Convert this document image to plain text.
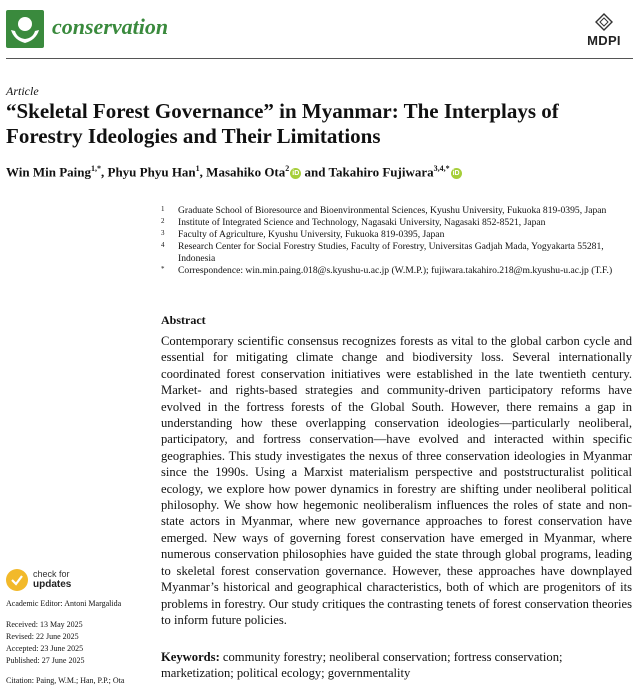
conservation
MDPI
Article
“Skeletal Forest Governance” in Myanmar: The Interplays of Forestry Ideologies and Their Limitations
Win Min Paing$^{1,*}$, Phyu Phyu Han$^1$, Masahiko Ota$^2$iD and Takahiro Fujiwara$^{3,4,*}$iD
1 Graduate School of Bioresource and Bioenvironmental Sciences, Kyushu University, Fukuoka 819-0395, Japan
2 Institute of Integrated Science and Technology, Nagasaki University, Nagasaki 852-8521, Japan
3 Faculty of Agriculture, Kyushu University, Fukuoka 819-0395, Japan
4 Research Center for Social Forestry Studies, Faculty of Forestry, Universitas Gadjah Mada, Yogyakarta 55281, Indonesia
* Correspondence: win.min.paing.018@s.kyushu-u.ac.jp (W.M.P.); fujiwara.takahiro.218@m.kyushu-u.ac.jp (T.F.)
Abstract
Contemporary scientific consensus recognizes forests as vital to the global carbon cycle and essential for mitigating climate change and biodiversity loss. Several internationally coordinated forest conservation initiatives were established in the late twentieth century. Market- and rights-based strategies and community-driven participatory reforms have evolved in the fortress forests of the Global South. However, there remains a gap in understanding how these overlapping conservation ideologies—particularly neoliberal, participatory, and fortress conservation—have evolved and interacted within specific geographies. This study investigates the nexus of three conservation ideologies in Myanmar since the 1990s. Using a Marxist materialism perspective and poststructuralist political ecology, we explore how power dynamics in forestry are shifting under neoliberal political philosophy. We show how hegemonic neoliberalism influences the roles of state and non-state actors in Myanmar, where new governance approaches to forest conservation have emerged. New ways of governing forest conservation have emerged in Myanmar, where numerous conservation philosophies have guided the state through global programs, leading to skeletal forest conservation governance. However, these approaches have downplayed Myanmar’s historical and geographical characteristics, both of which are progenitors of its problems in forestry. Our study critiques the contrasting tenets of forest conservation theories to inform future policies.
Keywords: community forestry; neoliberal conservation; fortress conservation; marketization; political ecology; governmentality
check for
updates
Academic Editor: Antoni Margalida
Received: 13 May 2025
Revised: 22 June 2025
Accepted: 23 June 2025
Published: 27 June 2025
Citation: Paing, W.M.; Han, P.P.; Ota
